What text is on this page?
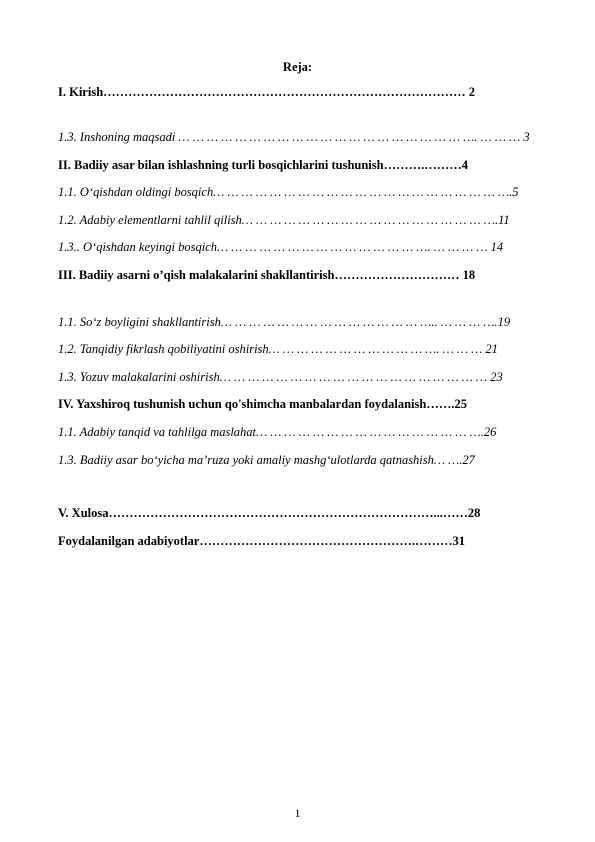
Reja:
I. Kirish…………………………………………………………………………… 2
1.3. Inshoning maqsadi … … … … … … … … … … … … … … … … … … … … …. … … … 3
II. Badiiy asar bilan ishlashning turli bosqichlarini tushunish……….………4
1.1. O‘qishdan oldingi bosqich… … … … … … … … … … … … … … … … … … … … ….5
1.2. Adabiy elementlarni tahlil qilish… … … … … … … … … … … … … … … … … ….11
1.3.. O‘qishdan keyingi bosqich… … … … … … … … … … … … … … …. … … … … 14
III. Badiiy asarni o’qish malakalarini shakllantirish………………………… 18
1.1. So‘z boyligini shakllantirish… … … … … … … … … … … … … … ….. … … … ….19
1.2. Tanqidiy fikrlash qobiliyatini oshirish… … … … … … … … … … … …. … … … 21
1.3. Yozuv malakalarini oshirish… … … … … … … … … … … … … … … … … … … 23
IV. Yaxshiroq tushunish uchun qo'shimcha manbalardan foydalanish…….25
1.1. Adabiy tanqid va tahlilga maslahat… … … … … … … … … … … … … … … ….26
1.3. Badiiy asar bo‘yicha ma’ruza yoki amaliy mashg‘ulotlarda qatnashish… ….27
V. Xulosa……………………………………………………………………...……28
Foydalanilgan adabiyotlar…………………………………………….………31
1
